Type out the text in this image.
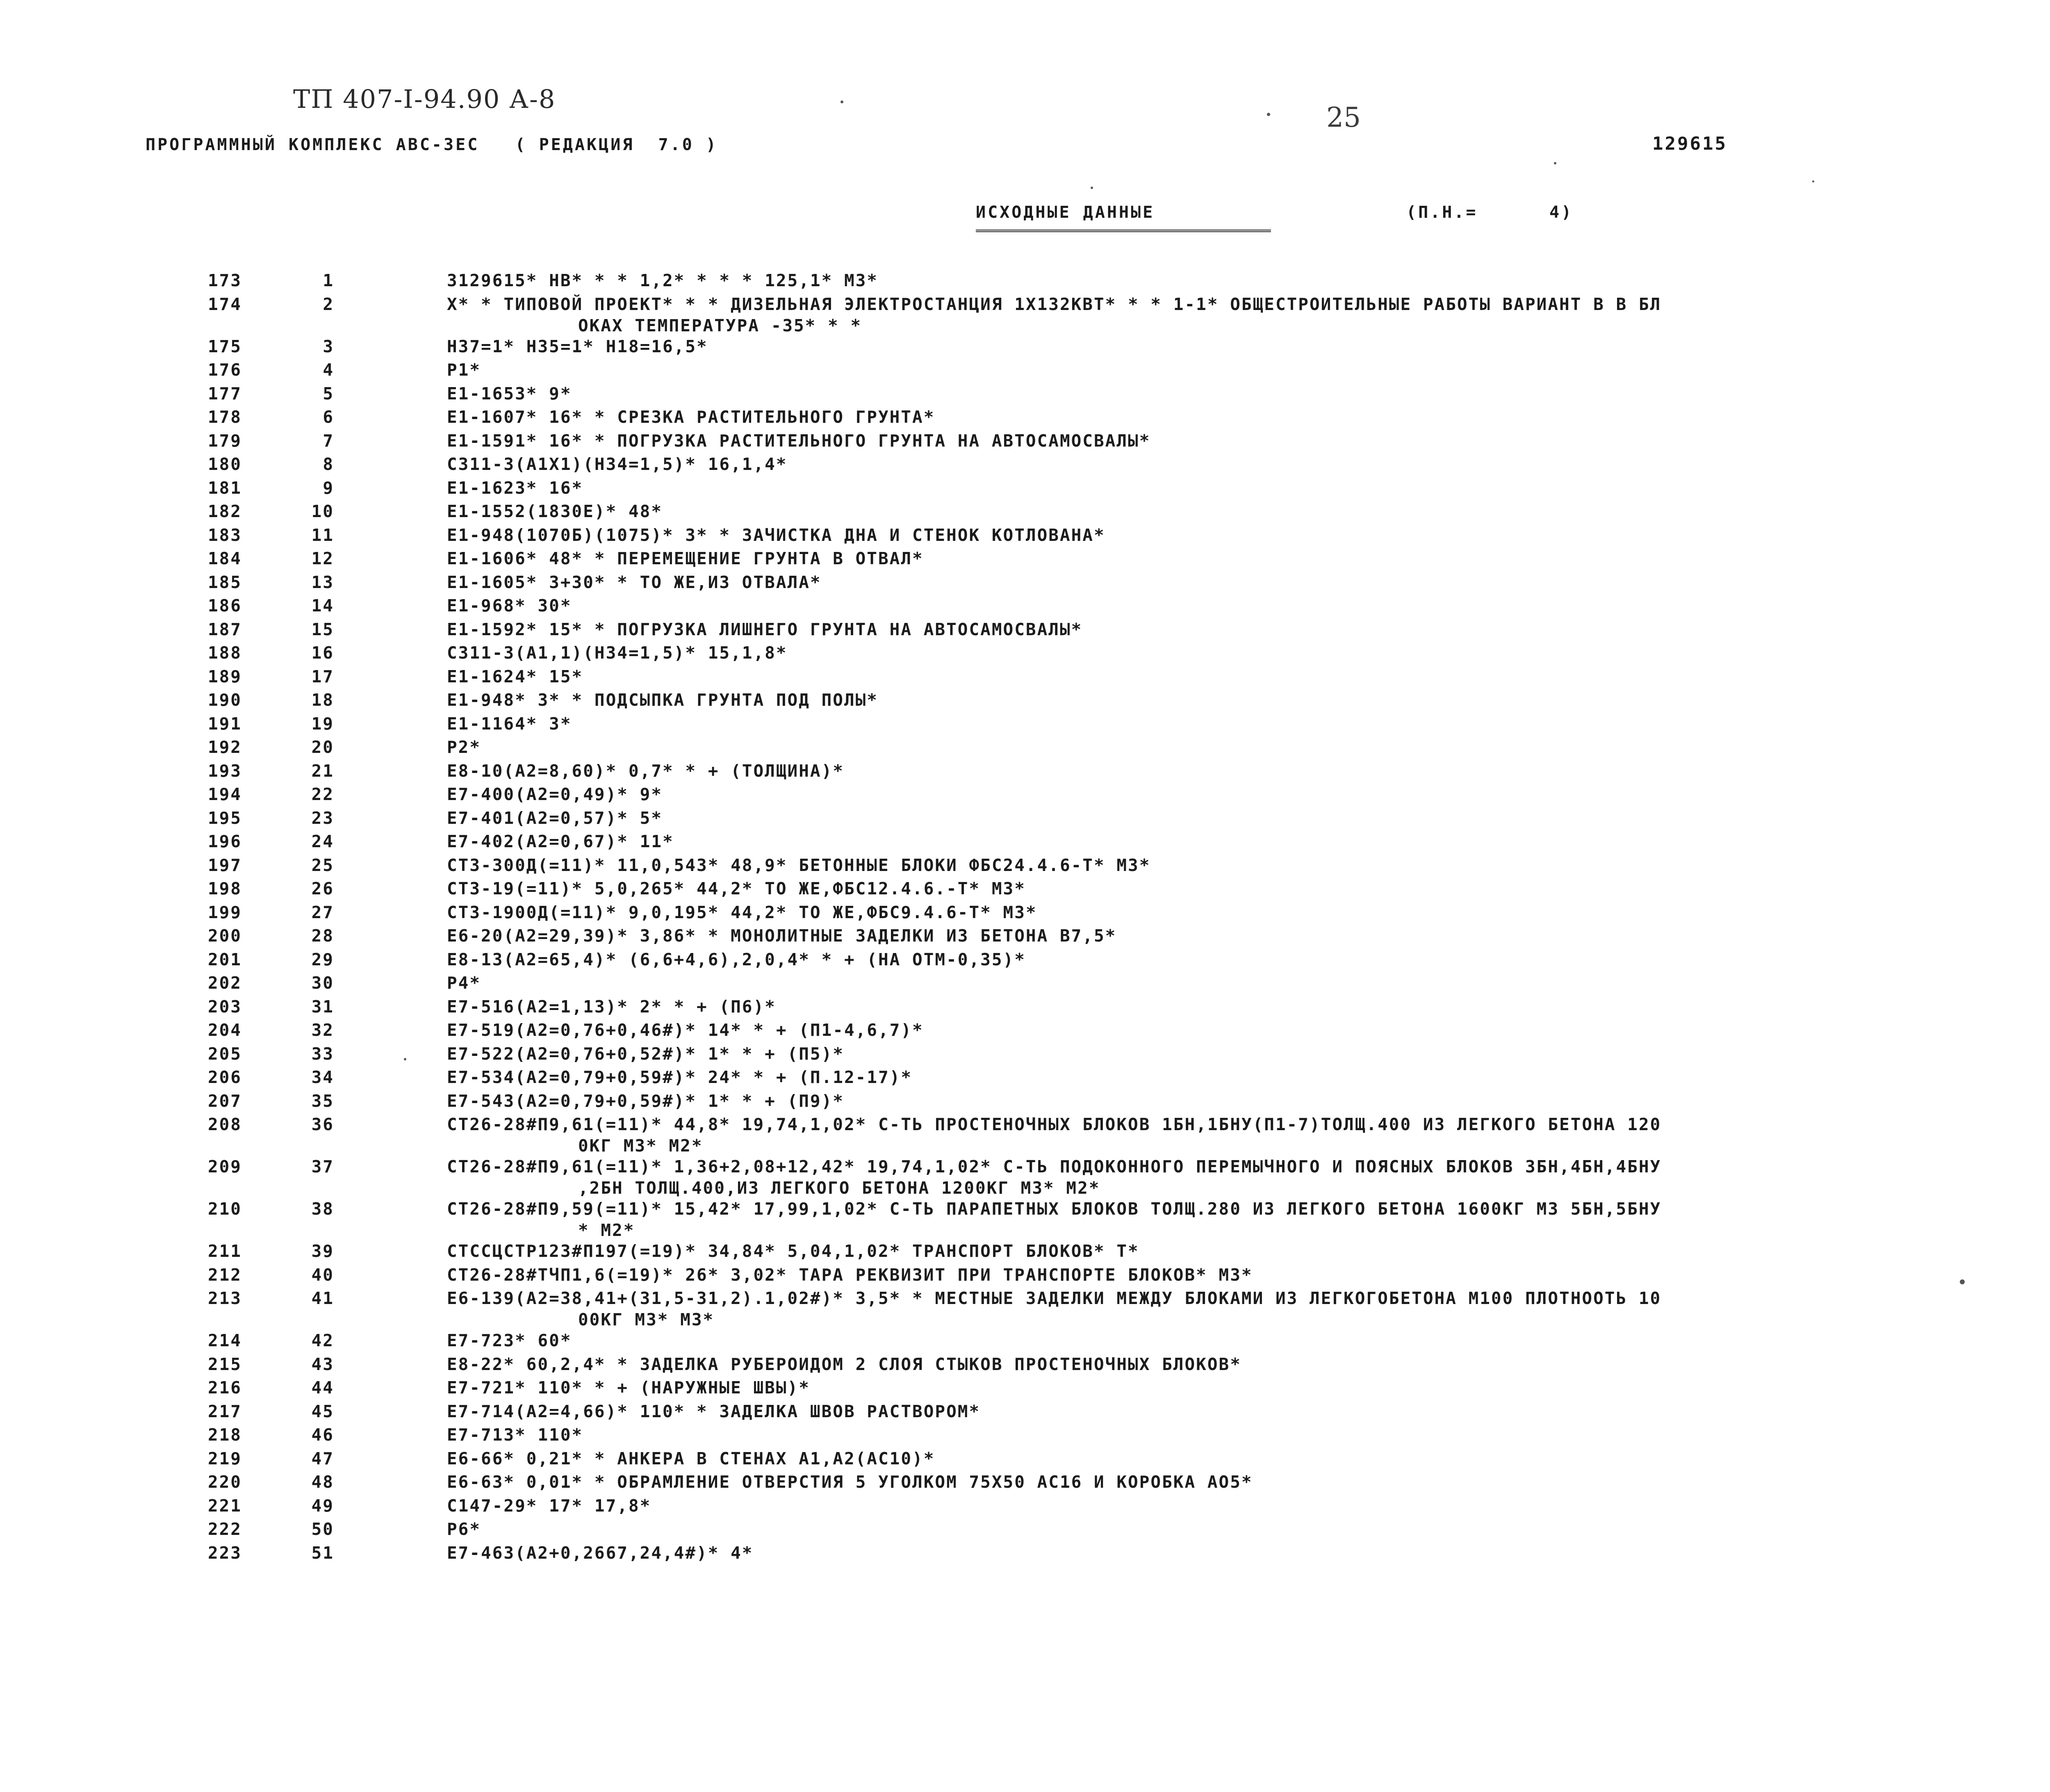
ТП 407-I-94.90 А-8
25
ПРОГРАММНЫЙ КОМПЛЕКС АВС-ЗЕС   ( РЕДАКЦИЯ  7.0 )	129615
ИСХОДНЫЕ ДАННЫЕ	(П.Н.=      4)
173	1	3129615* НВ* * * 1,2* * * * 125,1* М3*
174	2	Х* * ТИПОВОЙ ПРОЕКТ* * * ДИЗЕЛЬНАЯ ЭЛЕКТРОСТАНЦИЯ 1Х132КВТ* * * 1-1* ОБЩЕСТРОИТЕЛЬНЫЕ РАБОТЫ ВАРИАНТ В В БЛ
ОКАХ ТЕМПЕРАТУРА -35* * *
175	3	Н37=1* Н35=1* Н18=16,5*
176	4	Р1*
177	5	Е1-1653* 9*
178	6	Е1-1607* 16* * СРЕЗКА РАСТИТЕЛЬНОГО ГРУНТА*
179	7	Е1-1591* 16* * ПОГРУЗКА РАСТИТЕЛЬНОГО ГРУНТА НА АВТОСАМОСВАЛЫ*
180	8	С311-3(А1Х1)(Н34=1,5)* 16,1,4*
181	9	Е1-1623* 16*
182	10	Е1-1552(1830Е)* 48*
183	11	Е1-948(1070Б)(1075)* 3* * ЗАЧИСТКА ДНА И СТЕНОК КОТЛОВАНА*
184	12	Е1-1606* 48* * ПЕРЕМЕЩЕНИЕ ГРУНТА В ОТВАЛ*
185	13	Е1-1605* 3+30* * ТО ЖЕ,ИЗ ОТВАЛА*
186	14	Е1-968* 30*
187	15	Е1-1592* 15* * ПОГРУЗКА ЛИШНЕГО ГРУНТА НА АВТОСАМОСВАЛЫ*
188	16	С311-3(А1,1)(Н34=1,5)* 15,1,8*
189	17	Е1-1624* 15*
190	18	Е1-948* 3* * ПОДСЫПКА ГРУНТА ПОД ПОЛЫ*
191	19	Е1-1164* 3*
192	20	Р2*
193	21	Е8-10(А2=8,60)* 0,7* * + (ТОЛЩИНА)*
194	22	Е7-400(А2=0,49)* 9*
195	23	Е7-401(А2=0,57)* 5*
196	24	Е7-402(А2=0,67)* 11*
197	25	СТ3-300Д(=11)* 11,0,543* 48,9* БЕТОННЫЕ БЛОКИ ФБС24.4.6-Т* М3*
198	26	СТ3-19(=11)* 5,0,265* 44,2* ТО ЖЕ,ФБС12.4.6.-Т* М3*
199	27	СТ3-1900Д(=11)* 9,0,195* 44,2* ТО ЖЕ,ФБС9.4.6-Т* М3*
200	28	Е6-20(А2=29,39)* 3,86* * МОНОЛИТНЫЕ ЗАДЕЛКИ ИЗ БЕТОНА В7,5*
201	29	Е8-13(А2=65,4)* (6,6+4,6),2,0,4* * + (НА ОТМ-0,35)*
202	30	Р4*
203	31	Е7-516(А2=1,13)* 2* * + (П6)*
204	32	Е7-519(А2=0,76+0,46#)* 14* * + (П1-4,6,7)*
205	33	Е7-522(А2=0,76+0,52#)* 1* * + (П5)*
206	34	Е7-534(А2=0,79+0,59#)* 24* * + (П.12-17)*
207	35	Е7-543(А2=0,79+0,59#)* 1* * + (П9)*
208	36	СТ26-28#П9,61(=11)* 44,8* 19,74,1,02* С-ТЬ ПРОСТЕНОЧНЫХ БЛОКОВ 1БН,1БНУ(П1-7)ТОЛЩ.400 ИЗ ЛЕГКОГО БЕТОНА 120
0КГ М3* М2*
209	37	СТ26-28#П9,61(=11)* 1,36+2,08+12,42* 19,74,1,02* С-ТЬ ПОДОКОННОГО ПЕРЕМЫЧНОГО И ПОЯСНЫХ БЛОКОВ 3БН,4БН,4БНУ
,2БН ТОЛЩ.400,ИЗ ЛЕГКОГО БЕТОНА 1200КГ М3* М2*
210	38	СТ26-28#П9,59(=11)* 15,42* 17,99,1,02* С-ТЬ ПАРАПЕТНЫХ БЛОКОВ ТОЛЩ.280 ИЗ ЛЕГКОГО БЕТОНА 1600КГ М3 5БН,5БНУ
* М2*
211	39	СТССЦСТР123#П197(=19)* 34,84* 5,04,1,02* ТРАНСПОРТ БЛОКОВ* Т*
212	40	СТ26-28#ТЧП1,6(=19)* 26* 3,02* ТАРА РЕКВИЗИТ ПРИ ТРАНСПОРТЕ БЛОКОВ* М3*
213	41	Е6-139(А2=38,41+(31,5-31,2).1,02#)* 3,5* * МЕСТНЫЕ ЗАДЕЛКИ МЕЖДУ БЛОКАМИ ИЗ ЛЕГКОГОБЕТОНА М100 ПЛОТНООТЬ 10
00КГ М3* М3*
214	42	Е7-723* 60*
215	43	Е8-22* 60,2,4* * ЗАДЕЛКА РУБЕРОИДОМ 2 СЛОЯ СТЫКОВ ПРОСТЕНОЧНЫХ БЛОКОВ*
216	44	Е7-721* 110* * + (НАРУЖНЫЕ ШВЫ)*
217	45	Е7-714(А2=4,66)* 110* * ЗАДЕЛКА ШВОВ РАСТВОРОМ*
218	46	Е7-713* 110*
219	47	Е6-66* 0,21* * АНКЕРА В СТЕНАХ А1,А2(АС10)*
220	48	Е6-63* 0,01* * ОБРАМЛЕНИЕ ОТВЕРСТИЯ 5 УГОЛКОМ 75Х50 АС16 И КОРОБКА АО5*
221	49	С147-29* 17* 17,8*
222	50	Р6*
223	51	Е7-463(А2+0,2667,24,4#)* 4*
